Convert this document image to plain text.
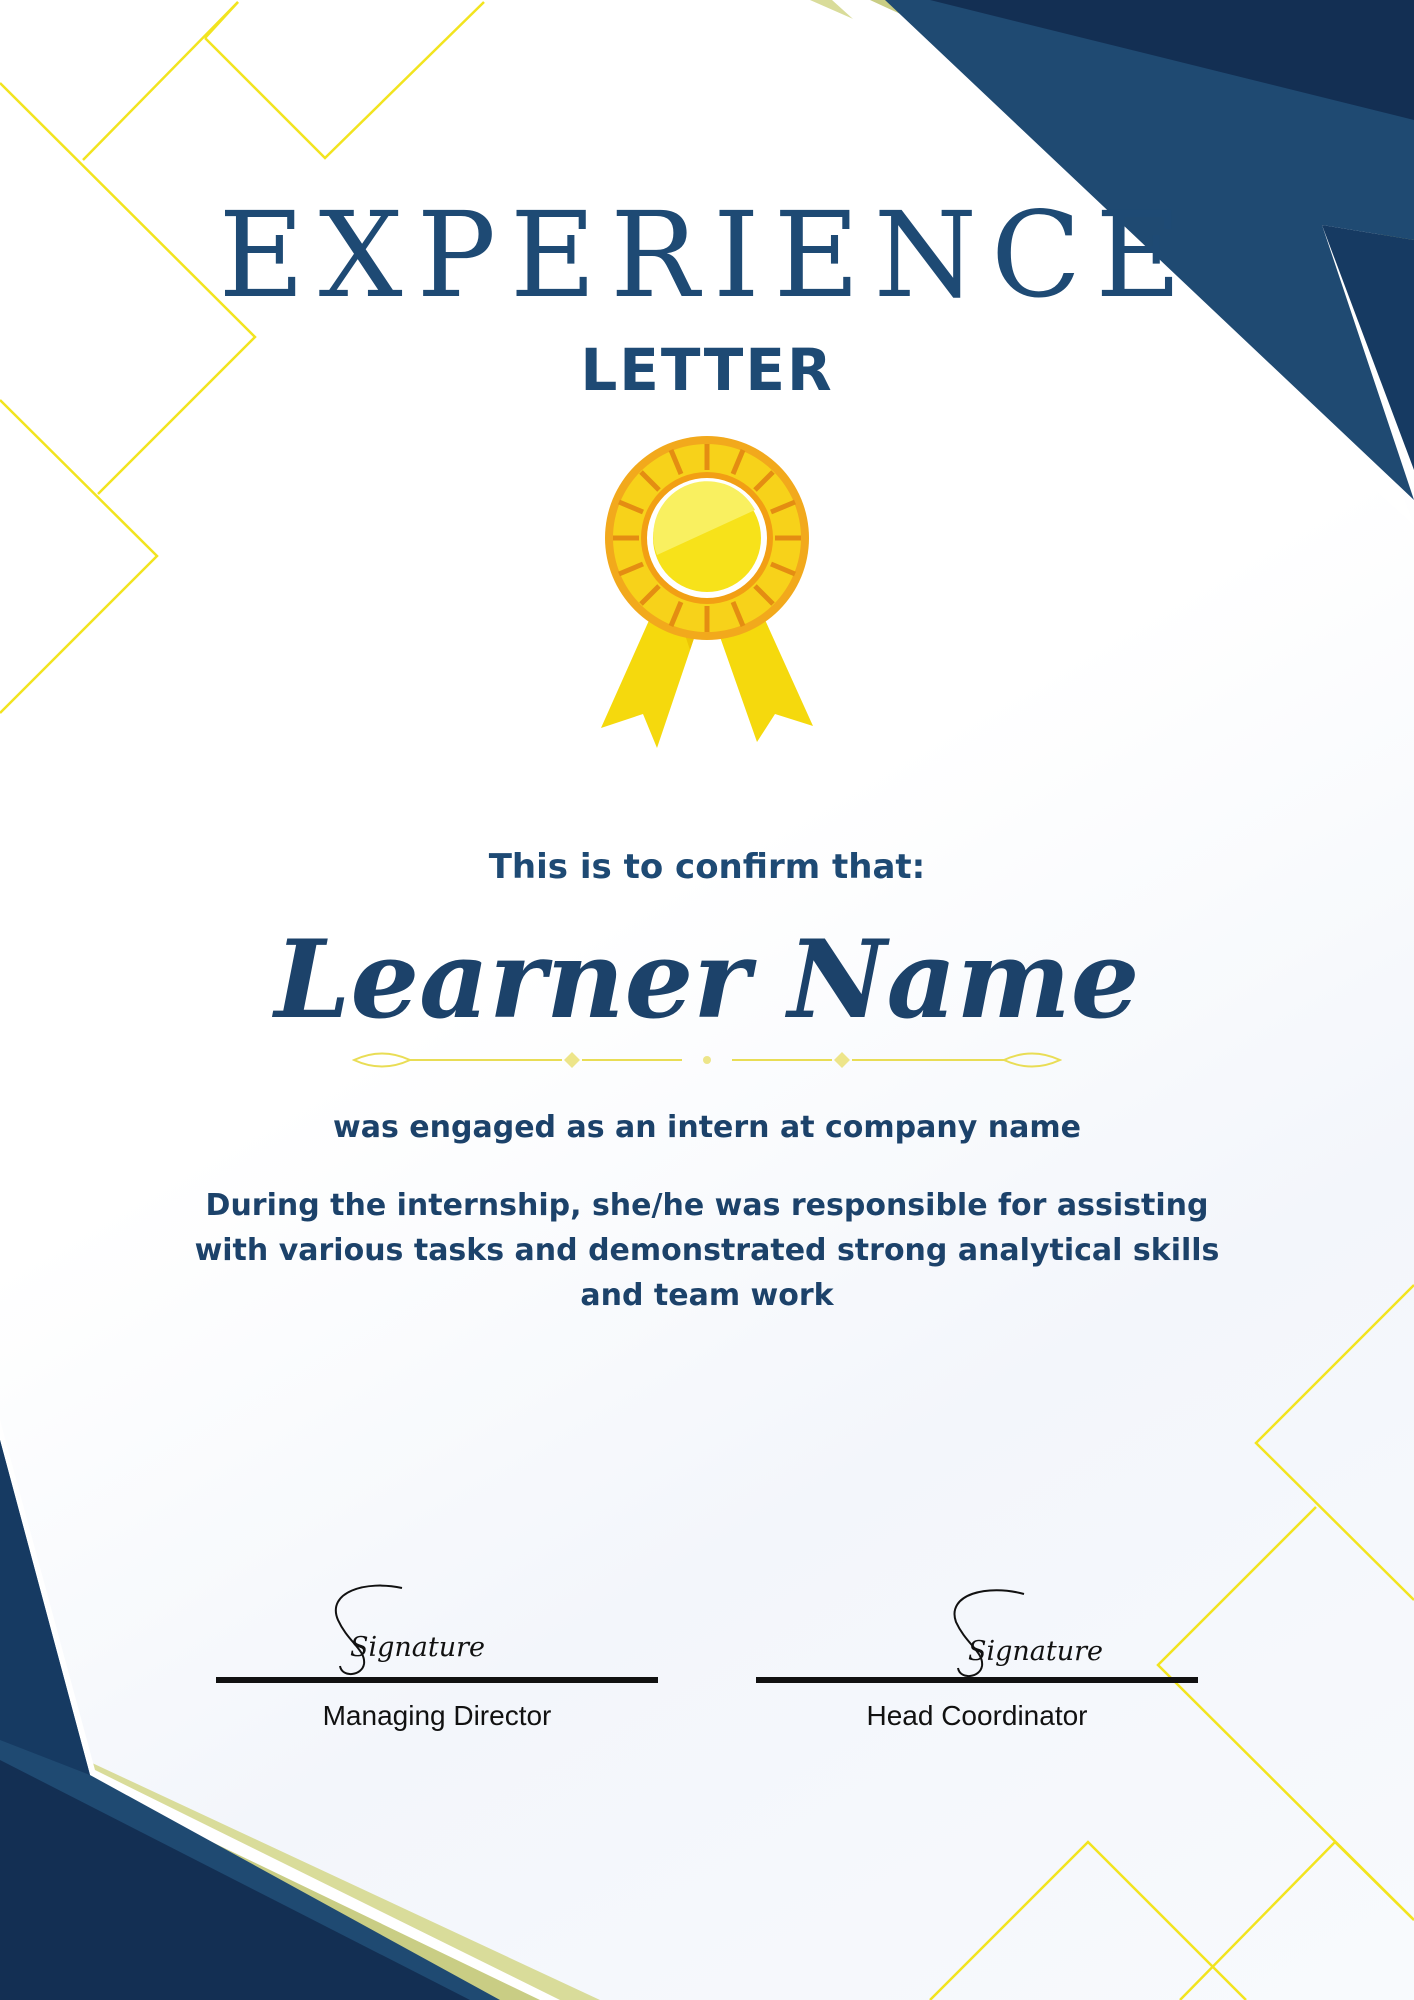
EXPERIENCE
LETTER
This is to confirm that:
Learner Name
was engaged as an intern at company name
During the internship, she/he was responsible for assisting with various tasks and demonstrated strong analytical skills and team work
Signature
Managing Director
Signature
Head Coordinator
